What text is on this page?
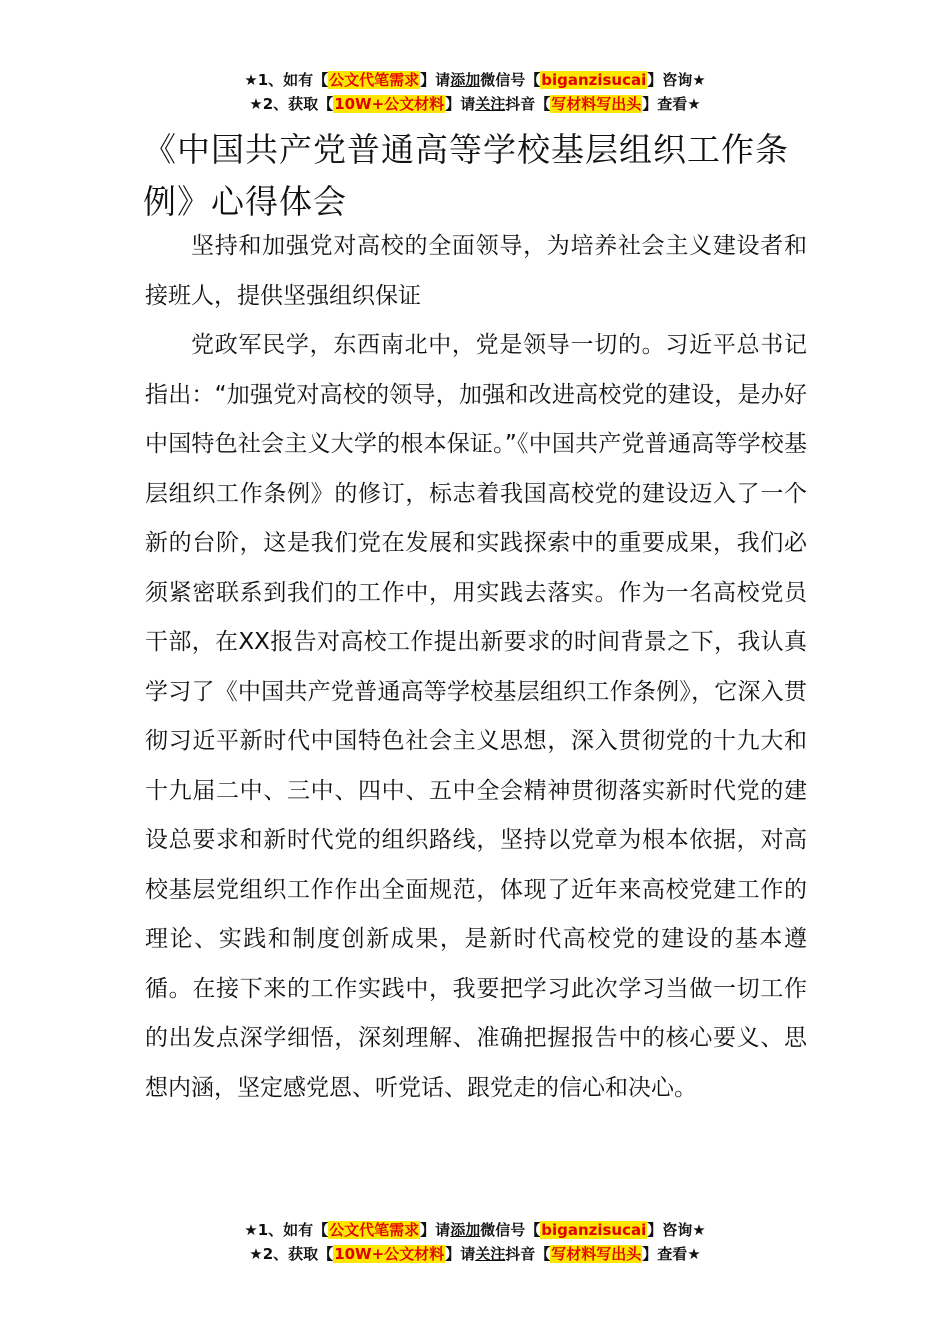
★1、如有【公文代笔需求】请添加微信号【biganzisucai】咨询★
★2、获取【10W+公文材料】请关注抖音【写材料写出头】查看★
《中国共产党普通高等学校基层组织工作条例》心得体会

坚持和加强党对高校的全面领导，为培养社会主义建设者和接班人，提供坚强组织保证

党政军民学，东西南北中，党是领导一切的。习近平总书记指出：“加强党对高校的领导，加强和改进高校党的建设，是办好中国特色社会主义大学的根本保证。”《中国共产党普通高等学校基层组织工作条例》的修订，标志着我国高校党的建设迈入了一个新的台阶，这是我们党在发展和实践探索中的重要成果，我们必须紧密联系到我们的工作中，用实践去落实。作为一名高校党员干部，在XX报告对高校工作提出新要求的时间背景之下，我认真学习了《中国共产党普通高等学校基层组织工作条例》，它深入贯彻习近平新时代中国特色社会主义思想，深入贯彻党的十九大和十九届二中、三中、四中、五中全会精神贯彻落实新时代党的建设总要求和新时代党的组织路线，坚持以党章为根本依据，对高校基层党组织工作作出全面规范，体现了近年来高校党建工作的理论、实践和制度创新成果，是新时代高校党的建设的基本遵循。在接下来的工作实践中，我要把学习此次学习当做一切工作的出发点深学细悟，深刻理解、准确把握报告中的核心要义、思想内涵，坚定感党恩、听党话、跟党走的信心和决心。

★1、如有【公文代笔需求】请添加微信号【biganzisucai】咨询★
★2、获取【10W+公文材料】请关注抖音【写材料写出头】查看★
